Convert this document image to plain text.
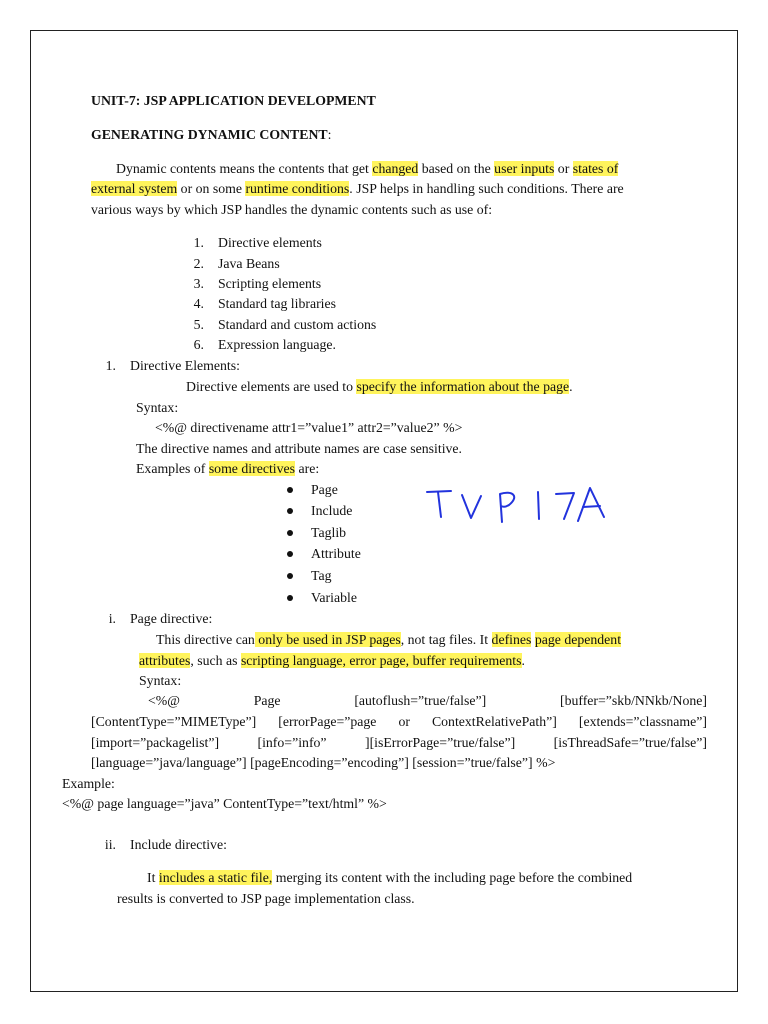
UNIT-7: JSP APPLICATION DEVELOPMENT
GENERATING DYNAMIC CONTENT:
Dynamic contents means the contents that get changed based on the user inputs or states of
external system or on some runtime conditions. JSP helps in handling such conditions. There are
various ways by which JSP handles the dynamic contents such as use of:
1. Directive elements
2. Java Beans
3. Scripting elements
4. Standard tag libraries
5. Standard and custom actions
6. Expression language.
1. Directive Elements:
Directive elements are used to specify the information about the page.
Syntax:
<%@ directivename attr1=”value1” attr2=”value2” %>
The directive names and attribute names are case sensitive.
Examples of some directives are:
Page
Include
Taglib
Attribute
Tag
Variable
i. Page directive:
This directive can only be used in JSP pages, not tag files. It defines page dependent
attributes, such as scripting language, error page, buffer requirements.
Syntax:
<%@	Page	[autoflush=”true/false”]	[buffer=”skb/NNkb/None]
[ContentType=”MIMEType”] [errorPage=”page or ContextRelativePath”] [extends=”classname”]
[import=”packagelist”]	[info=”info”	][isErrorPage=”true/false”]	[isThreadSafe=”true/false”]
[language=”java/language”] [pageEncoding=”encoding”] [session=”true/false”] %>
Example:
<%@ page language=”java” ContentType=”text/html” %>
ii. Include directive:
It includes a static file, merging its content with the including page before the combined
results is converted to JSP page implementation class.
